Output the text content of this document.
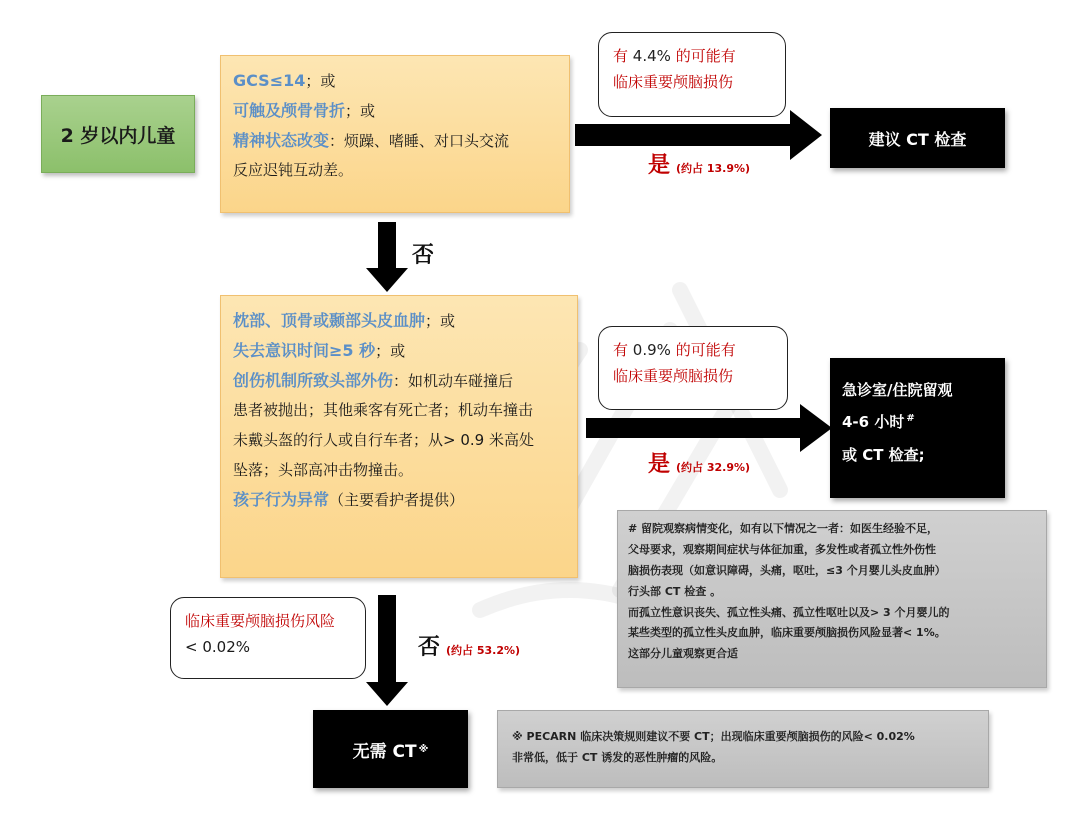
2 岁以内儿童
GCS≤14；或
可触及颅骨骨折；或
精神状态改变：烦躁、嗜睡、对口头交流
反应迟钝互动差。
枕部、顶骨或颞部头皮血肿；或
失去意识时间≥5 秒；或
创伤机制所致头部外伤：如机动车碰撞后
患者被抛出；其他乘客有死亡者；机动车撞击
未戴头盔的行人或自行车者；从> 0.9 米高处
坠落；头部高冲击物撞击。
孩子行为异常（主要看护者提供）
有 4.4% 的可能有
临床重要颅脑损伤
有 0.9% 的可能有
临床重要颅脑损伤
临床重要颅脑损伤风险
< 0.02%
是 (约占 13.9%)
是 (约占 32.9%)
否
否 (约占 53.2%)
建议 CT 检查
急诊室/住院留观
4-6 小时 #
或 CT 检查;
无需 CT ※
# 留院观察病情变化，如有以下情况之一者：如医生经验不足，
父母要求，观察期间症状与体征加重，多发性或者孤立性外伤性
脑损伤表现（如意识障碍，头痛，呕吐，≤3 个月婴儿头皮血肿）
行头部 CT 检查 。
而孤立性意识丧失、孤立性头痛、孤立性呕吐以及> 3 个月婴儿的
某些类型的孤立性头皮血肿，临床重要颅脑损伤风险显著< 1%。
这部分儿童观察更合适
※ PECARN 临床决策规则建议不要 CT；出现临床重要颅脑损伤的风险< 0.02%
非常低，低于 CT 诱发的恶性肿瘤的风险。
